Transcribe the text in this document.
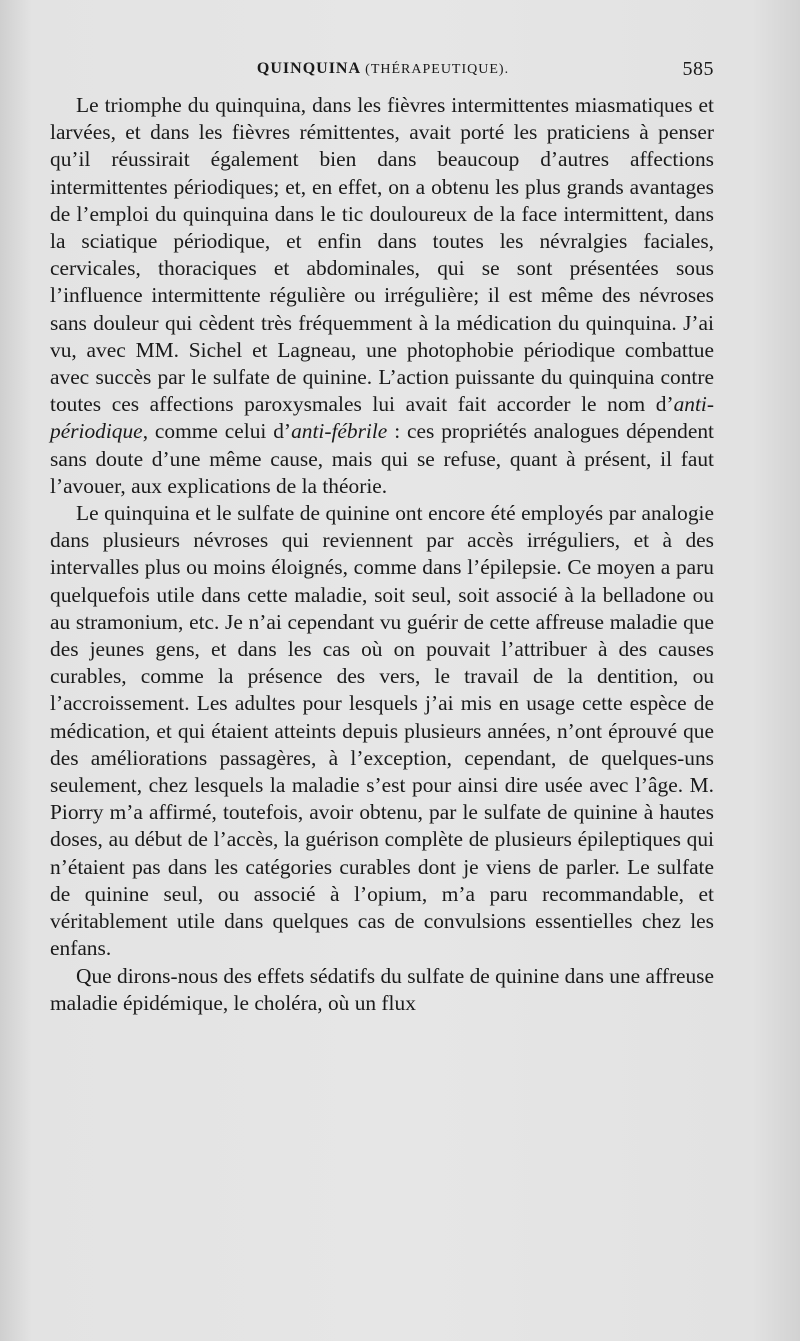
QUINQUINA (THÉRAPEUTIQUE).	585

Le triomphe du quinquina, dans les fièvres intermittentes miasmatiques et larvées, et dans les fièvres rémittentes, avait porté les praticiens à penser qu’il réussirait également bien dans beaucoup d’autres affections intermittentes périodiques; et, en effet, on a obtenu les plus grands avantages de l’emploi du quinquina dans le tic douloureux de la face intermittent, dans la sciatique périodique, et enfin dans toutes les névralgies faciales, cervicales, thoraciques et abdominales, qui se sont présentées sous l’influence intermittente régulière ou irrégulière; il est même des névroses sans douleur qui cèdent très fréquemment à la médication du quinquina. J’ai vu, avec MM. Sichel et Lagneau, une photophobie périodique combattue avec succès par le sulfate de quinine. L’action puissante du quinquina contre toutes ces affections paroxysmales lui avait fait accorder le nom d’anti-périodique, comme celui d’anti-fébrile : ces propriétés analogues dépendent sans doute d’une même cause, mais qui se refuse, quant à présent, il faut l’avouer, aux explications de la théorie.

Le quinquina et le sulfate de quinine ont encore été employés par analogie dans plusieurs névroses qui reviennent par accès irréguliers, et à des intervalles plus ou moins éloignés, comme dans l’épilepsie. Ce moyen a paru quelquefois utile dans cette maladie, soit seul, soit associé à la belladone ou au stramonium, etc. Je n’ai cependant vu guérir de cette affreuse maladie que des jeunes gens, et dans les cas où on pouvait l’attribuer à des causes curables, comme la présence des vers, le travail de la dentition, ou l’accroissement. Les adultes pour lesquels j’ai mis en usage cette espèce de médication, et qui étaient atteints depuis plusieurs années, n’ont éprouvé que des améliorations passagères, à l’exception, cependant, de quelques-uns seulement, chez lesquels la maladie s’est pour ainsi dire usée avec l’âge. M. Piorry m’a affirmé, toutefois, avoir obtenu, par le sulfate de quinine à hautes doses, au début de l’accès, la guérison complète de plusieurs épileptiques qui n’étaient pas dans les catégories curables dont je viens de parler. Le sulfate de quinine seul, ou associé à l’opium, m’a paru recommandable, et véritablement utile dans quelques cas de convulsions essentielles chez les enfans.

Que dirons-nous des effets sédatifs du sulfate de quinine dans une affreuse maladie épidémique, le choléra, où un flux
